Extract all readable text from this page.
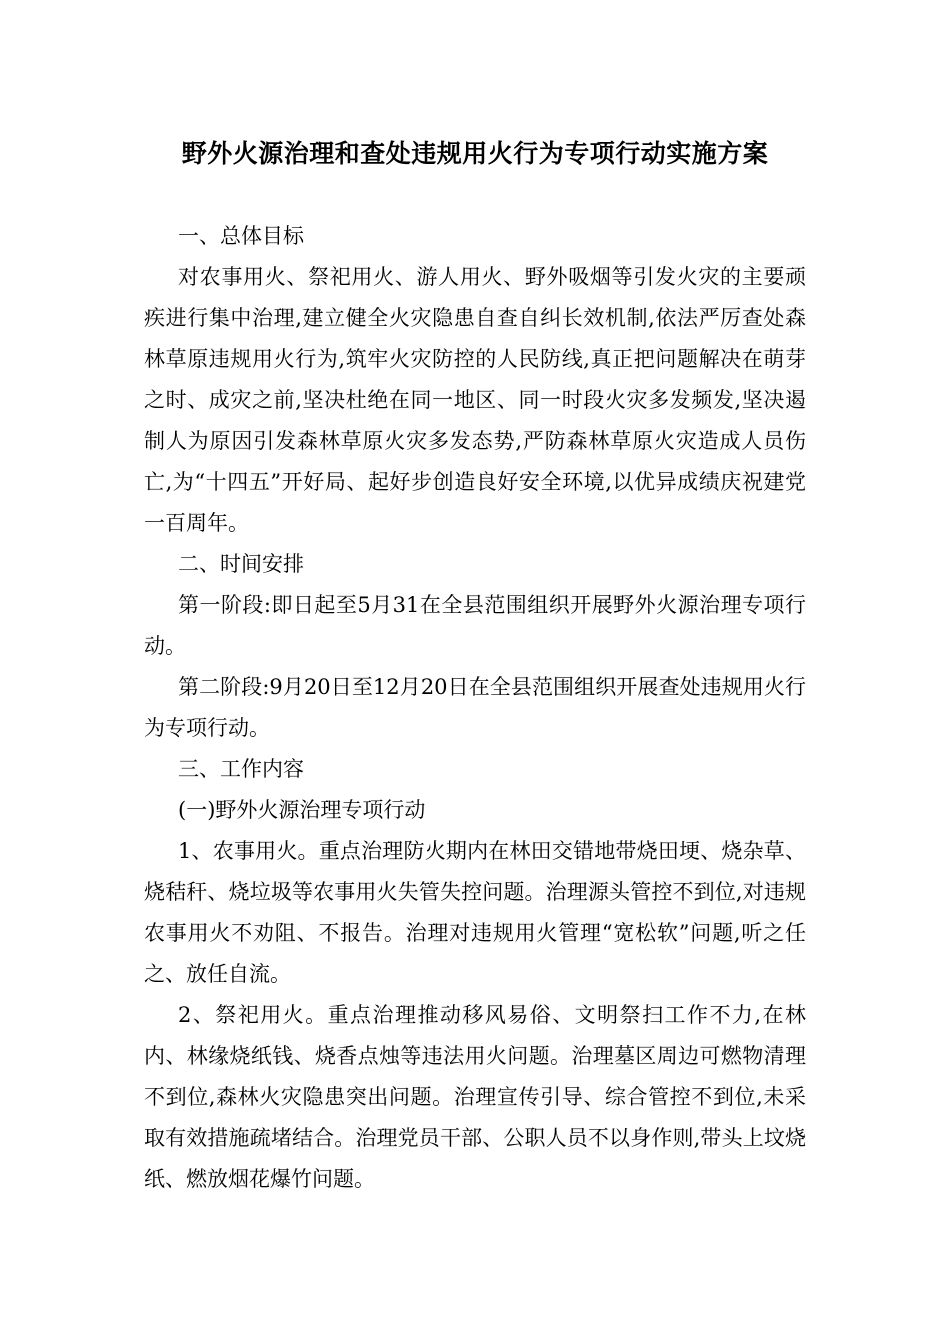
野外火源治理和查处违规用火行为专项行动实施方案

一、总体目标

对农事用火、祭祀用火、游人用火、野外吸烟等引发火灾的主要顽疾进行集中治理,建立健全火灾隐患自查自纠长效机制,依法严厉查处森林草原违规用火行为,筑牢火灾防控的人民防线,真正把问题解决在萌芽之时、成灾之前,坚决杜绝在同一地区、同一时段火灾多发频发,坚决遏制人为原因引发森林草原火灾多发态势,严防森林草原火灾造成人员伤亡,为“十四五”开好局、起好步创造良好安全环境,以优异成绩庆祝建党一百周年。

二、时间安排

第一阶段:即日起至5月31在全县范围组织开展野外火源治理专项行动。

第二阶段:9月20日至12月20日在全县范围组织开展查处违规用火行为专项行动。

三、工作内容

(一)野外火源治理专项行动

1、农事用火。重点治理防火期内在林田交错地带烧田埂、烧杂草、烧秸秆、烧垃圾等农事用火失管失控问题。治理源头管控不到位,对违规农事用火不劝阻、不报告。治理对违规用火管理“宽松软”问题,听之任之、放任自流。

2、祭祀用火。重点治理推动移风易俗、文明祭扫工作不力,在林内、林缘烧纸钱、烧香点烛等违法用火问题。治理墓区周边可燃物清理不到位,森林火灾隐患突出问题。治理宣传引导、综合管控不到位,未采取有效措施疏堵结合。治理党员干部、公职人员不以身作则,带头上坟烧纸、燃放烟花爆竹问题。
